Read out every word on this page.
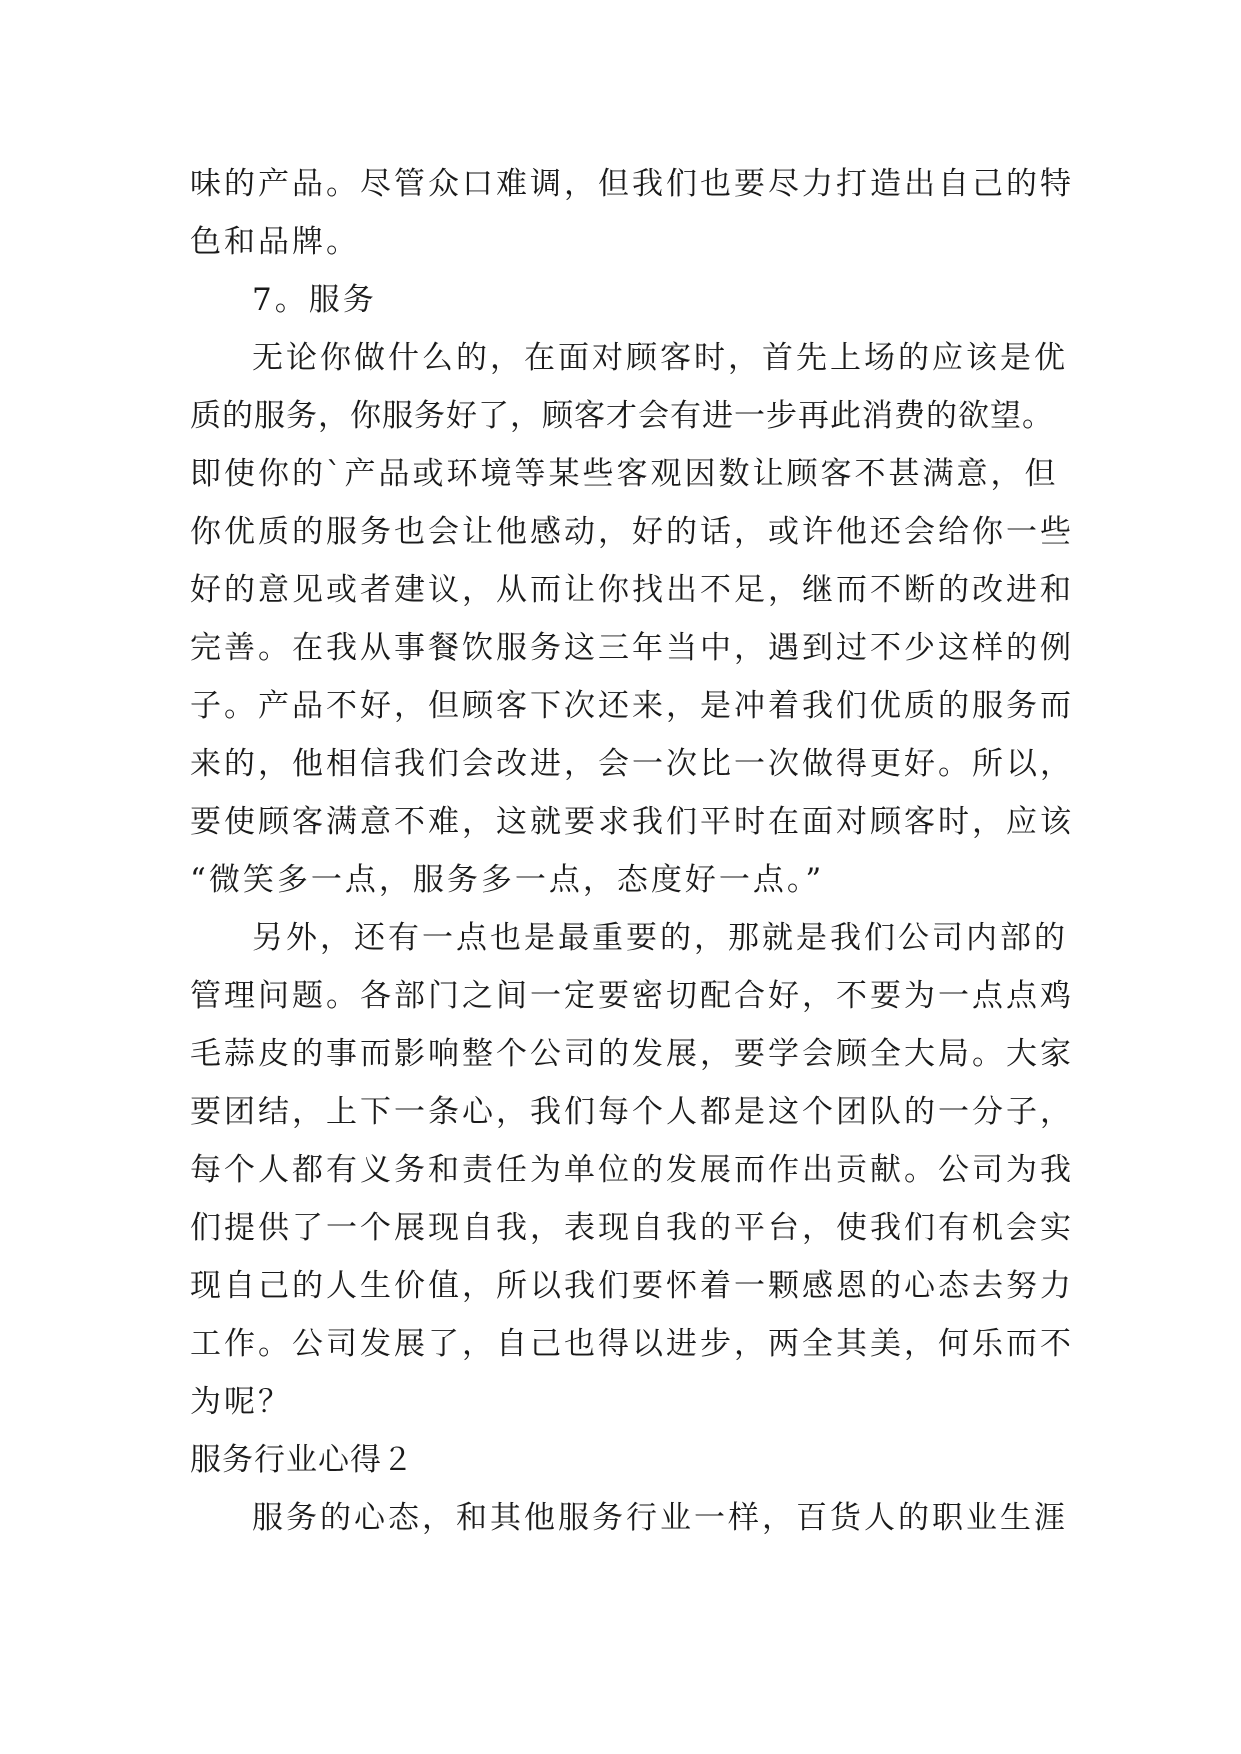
味的产品。尽管众口难调，但我们也要尽力打造出自己的特
色和品牌。
7。服务
无论你做什么的，在面对顾客时，首先上场的应该是优
质的服务，你服务好了，顾客才会有进一步再此消费的欲望。
即使你的`产品或环境等某些客观因数让顾客不甚满意，但
你优质的服务也会让他感动，好的话，或许他还会给你一些
好的意见或者建议，从而让你找出不足，继而不断的改进和
完善。在我从事餐饮服务这三年当中，遇到过不少这样的例
子。产品不好，但顾客下次还来，是冲着我们优质的服务而
来的，他相信我们会改进，会一次比一次做得更好。所以，
要使顾客满意不难，这就要求我们平时在面对顾客时，应该
“微笑多一点，服务多一点，态度好一点。”
另外，还有一点也是最重要的，那就是我们公司内部的
管理问题。各部门之间一定要密切配合好，不要为一点点鸡
毛蒜皮的事而影响整个公司的发展，要学会顾全大局。大家
要团结，上下一条心，我们每个人都是这个团队的一分子，
每个人都有义务和责任为单位的发展而作出贡献。公司为我
们提供了一个展现自我，表现自我的平台，使我们有机会实
现自己的人生价值，所以我们要怀着一颗感恩的心态去努力
工作。公司发展了，自己也得以进步，两全其美，何乐而不
为呢？
服务行业心得２
服务的心态，和其他服务行业一样，百货人的职业生涯
